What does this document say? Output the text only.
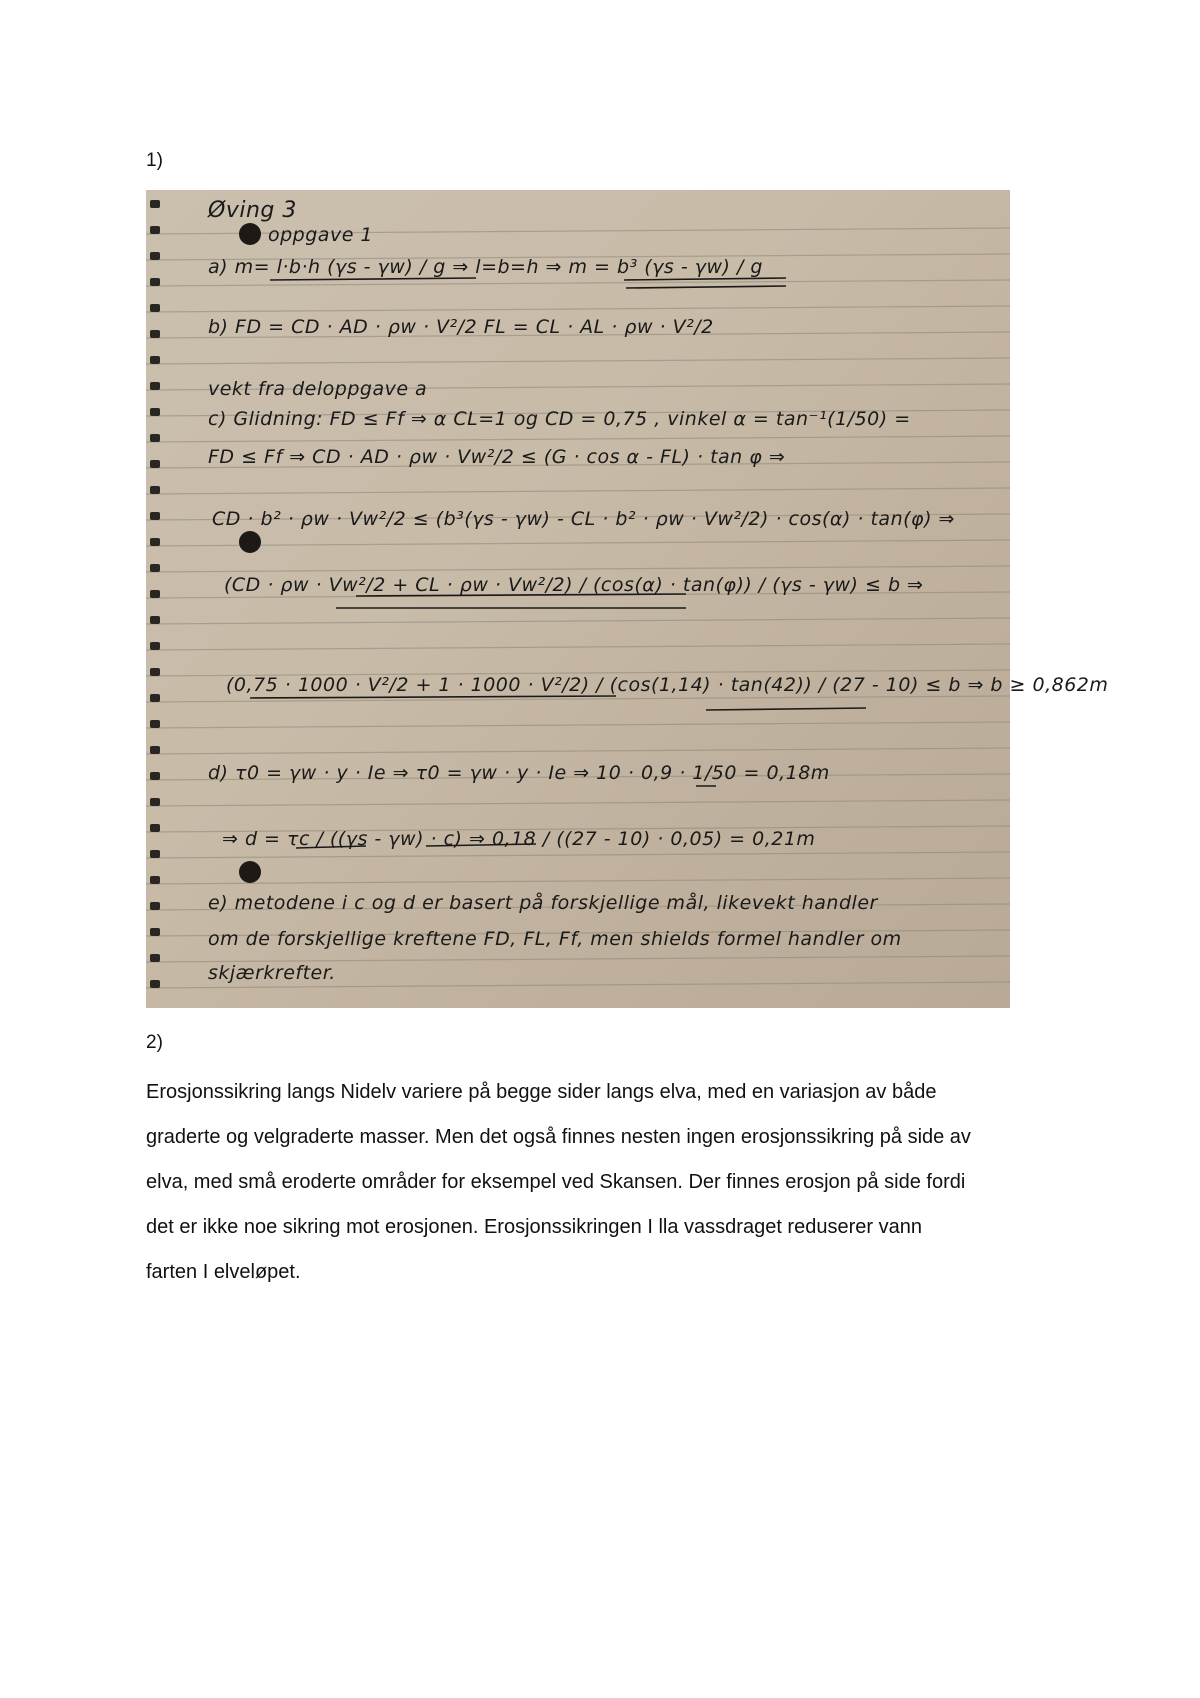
1)
Øving 3
oppgave 1
a) m= l·b·h (γs - γw) / g ⇒ l=b=h ⇒ m = b³ (γs - γw) / g
b) FD = CD · AD · ρw · V²/2 FL = CL · AL · ρw · V²/2
vekt fra deloppgave a
c) Glidning: FD ≤ Ff ⇒ α CL=1 og CD = 0,75 , vinkel α = tan⁻¹(1/50) =
FD ≤ Ff ⇒ CD · AD · ρw · Vw²/2 ≤ (G · cos α - FL) · tan φ ⇒
CD · b² · ρw · Vw²/2 ≤ (b³(γs - γw) - CL · b² · ρw · Vw²/2) · cos(α) · tan(φ) ⇒
(CD · ρw · Vw²/2 + CL · ρw · Vw²/2) / (cos(α) · tan(φ)) / (γs - γw) ≤ b ⇒
(0,75 · 1000 · V²/2 + 1 · 1000 · V²/2) / (cos(1,14) · tan(42)) / (27 - 10) ≤ b ⇒ b ≥ 0,862m
d) τ0 = γw · y · Ie ⇒ τ0 = γw · y · Ie ⇒ 10 · 0,9 · 1/50 = 0,18m
⇒ d = τc / ((γs - γw) · c) ⇒ 0,18 / ((27 - 10) · 0,05) = 0,21m
e) metodene i c og d er basert på forskjellige mål, likevekt handler
om de forskjellige kreftene FD, FL, Ff, men shields formel handler om
skjærkrefter.
2)

Erosjonssikring langs Nidelv variere på begge sider langs elva, med en variasjon av både

graderte og velgraderte masser. Men det også finnes nesten ingen erosjonssikring på side av

elva, med små eroderte områder for eksempel ved Skansen. Der finnes erosjon på side fordi

det er ikke noe sikring mot erosjonen. Erosjonssikringen I lla vassdraget reduserer vann

farten I elveløpet.
